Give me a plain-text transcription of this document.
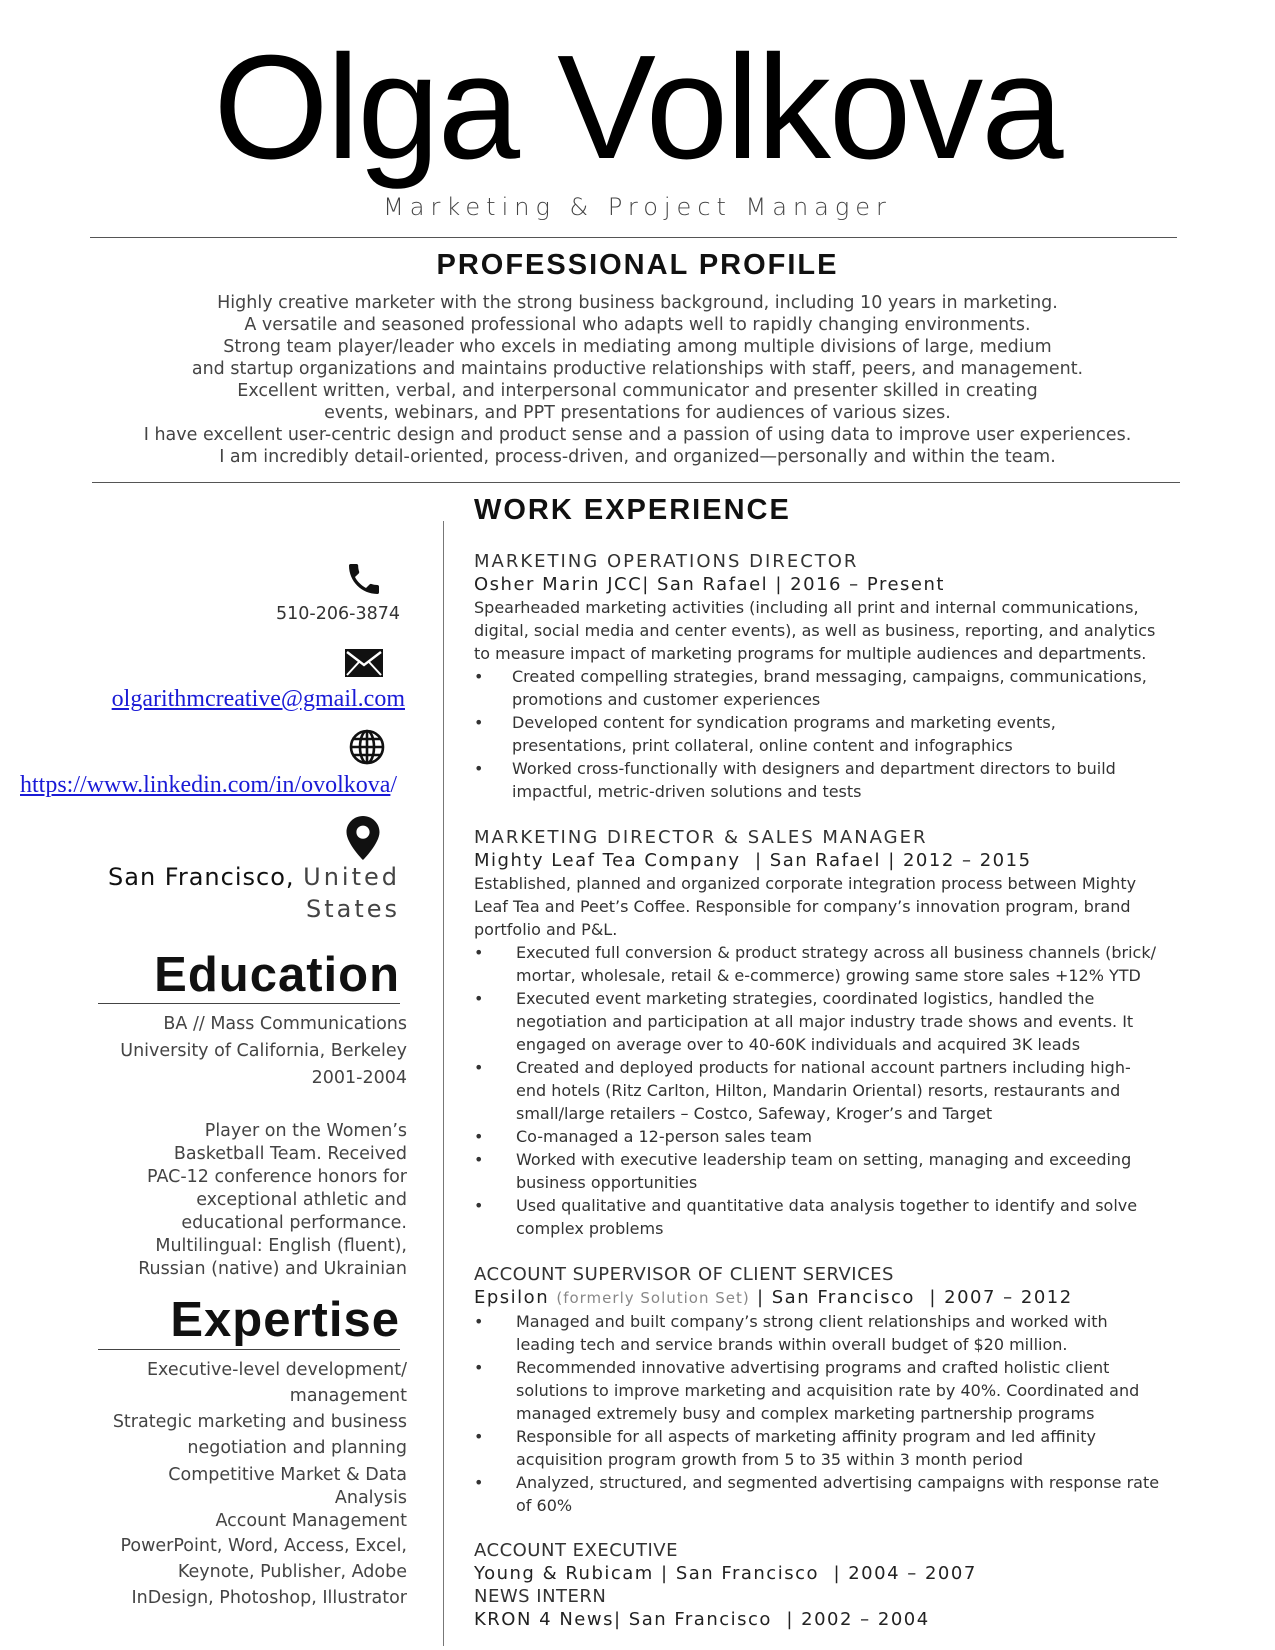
Olga Volkova
Marketing & Project Manager
PROFESSIONAL PROFILE
Highly creative marketer with the strong business background, including 10 years in marketing.
A versatile and seasoned professional who adapts well to rapidly changing environments.
Strong team player/leader who excels in mediating among multiple divisions of large, medium
and startup organizations and maintains productive relationships with staff, peers, and management.
Excellent written, verbal, and interpersonal communicator and presenter skilled in creating
events, webinars, and PPT presentations for audiences of various sizes.
I have excellent user-centric design and product sense and a passion of using data to improve user experiences.
I am incredibly detail-oriented, process-driven, and organized—personally and within the team.
510-206-3874
olgarithmcreative@gmail.com
https://www.linkedin.com/in/ovolkova/
San Francisco, United
States
Education
BA // Mass Communications
University of California, Berkeley
2001-2004
Player on the Women’s
Basketball Team. Received
PAC-12 conference honors for
exceptional athletic and
educational performance.
Multilingual: English (fluent),
Russian (native) and Ukrainian
Expertise
Executive-level development/
management
Strategic marketing and business
negotiation and planning
Competitive Market & Data
Analysis
Account Management
PowerPoint, Word, Access, Excel,
Keynote, Publisher, Adobe
InDesign, Photoshop, Illustrator
WORK EXPERIENCE
MARKETING OPERATIONS DIRECTOR
Osher Marin JCC| San Rafael | 2016 – Present
Spearheaded marketing activities (including all print and internal communications,
digital, social media and center events), as well as business, reporting, and analytics
to measure impact of marketing programs for multiple audiences and departments.
• Created compelling strategies, brand messaging, campaigns, communications,
promotions and customer experiences
• Developed content for syndication programs and marketing events,
presentations, print collateral, online content and infographics
• Worked cross-functionally with designers and department directors to build
impactful, metric-driven solutions and tests
MARKETING DIRECTOR & SALES MANAGER
Mighty Leaf Tea Company  | San Rafael | 2012 – 2015
Established, planned and organized corporate integration process between Mighty
Leaf Tea and Peet’s Coffee. Responsible for company’s innovation program, brand
portfolio and P&L.
• Executed full conversion & product strategy across all business channels (brick/
mortar, wholesale, retail & e-commerce) growing same store sales +12% YTD
• Executed event marketing strategies, coordinated logistics, handled the
negotiation and participation at all major industry trade shows and events. It
engaged on average over to 40-60K individuals and acquired 3K leads
• Created and deployed products for national account partners including high-
end hotels (Ritz Carlton, Hilton, Mandarin Oriental) resorts, restaurants and
small/large retailers – Costco, Safeway, Kroger’s and Target
• Co-managed a 12-person sales team
• Worked with executive leadership team on setting, managing and exceeding
business opportunities
• Used qualitative and quantitative data analysis together to identify and solve
complex problems
ACCOUNT SUPERVISOR OF CLIENT SERVICES
Epsilon (formerly Solution Set) | San Francisco  | 2007 – 2012
• Managed and built company’s strong client relationships and worked with
leading tech and service brands within overall budget of $20 million.
• Recommended innovative advertising programs and crafted holistic client
solutions to improve marketing and acquisition rate by 40%. Coordinated and
managed extremely busy and complex marketing partnership programs
• Responsible for all aspects of marketing affinity program and led affinity
acquisition program growth from 5 to 35 within 3 month period
• Analyzed, structured, and segmented advertising campaigns with response rate
of 60%
ACCOUNT EXECUTIVE
Young & Rubicam | San Francisco  | 2004 – 2007
NEWS INTERN
KRON 4 News| San Francisco  | 2002 – 2004
